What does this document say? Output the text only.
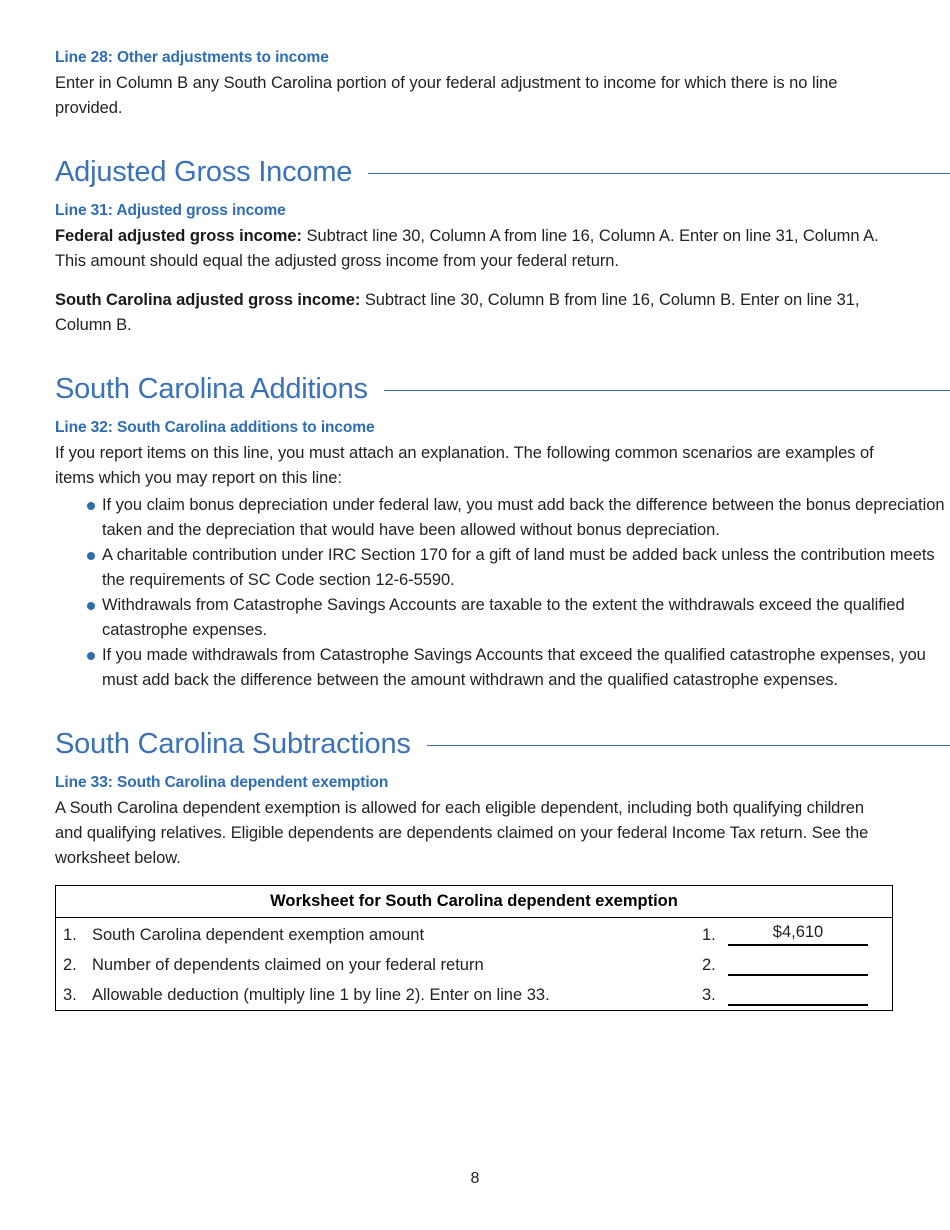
Line 28: Other adjustments to income

Enter in Column B any South Carolina portion of your federal adjustment to income for which there is no line provided.

Adjusted Gross Income
Line 31: Adjusted gross income

Federal adjusted gross income: Subtract line 30, Column A from line 16, Column A. Enter on line 31, Column A. This amount should equal the adjusted gross income from your federal return.

South Carolina adjusted gross income: Subtract line 30, Column B from line 16, Column B. Enter on line 31, Column B.

South Carolina Additions
Line 32: South Carolina additions to income

If you report items on this line, you must attach an explanation. The following common scenarios are examples of items which you may report on this line:

If you claim bonus depreciation under federal law, you must add back the difference between the bonus depreciation taken and the depreciation that would have been allowed without bonus depreciation.
A charitable contribution under IRC Section 170 for a gift of land must be added back unless the contribution meets the requirements of SC Code section 12-6-5590.
Withdrawals from Catastrophe Savings Accounts are taxable to the extent the withdrawals exceed the qualified catastrophe expenses.
If you made withdrawals from Catastrophe Savings Accounts that exceed the qualified catastrophe expenses, you must add back the difference between the amount withdrawn and the qualified catastrophe expenses.
South Carolina Subtractions
Line 33: South Carolina dependent exemption

A South Carolina dependent exemption is allowed for each eligible dependent, including both qualifying children and qualifying relatives. Eligible dependents are dependents claimed on your federal Income Tax return. See the worksheet below.

Worksheet for South Carolina dependent exemption
1. South Carolina dependent exemption amount	1.	$4,610
2. Number of dependents claimed on your federal return	2.
3. Allowable deduction (multiply line 1 by line 2). Enter on line 33.	3.
8
